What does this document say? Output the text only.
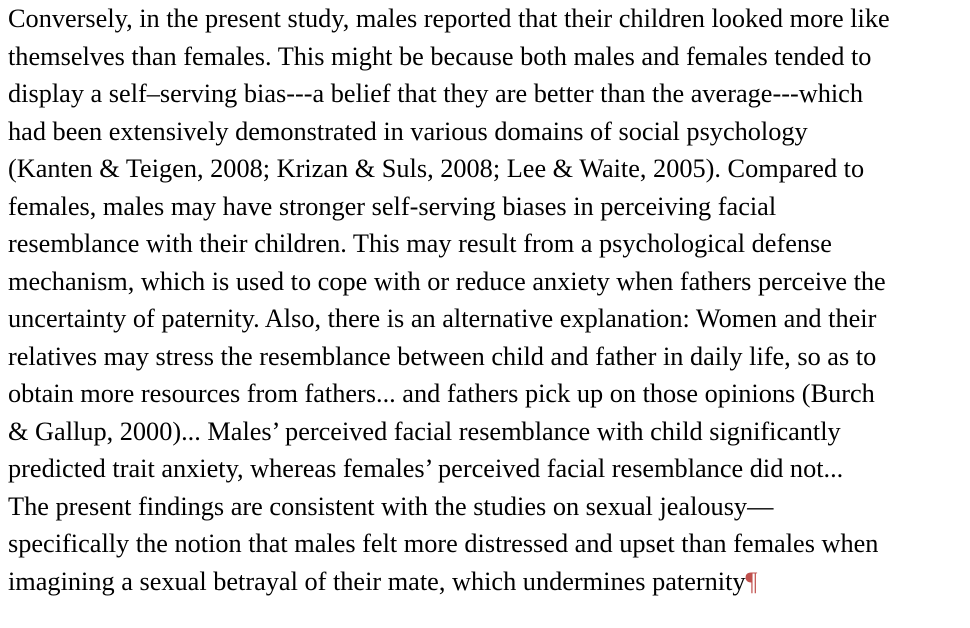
Conversely, in the present study, males reported that their children looked more like

themselves than females. This might be because both males and females tended to

display a self–serving bias---a belief that they are better than the average---which

had been extensively demonstrated in various domains of social psychology

(Kanten & Teigen, 2008; Krizan & Suls, 2008; Lee & Waite, 2005). Compared to

females, males may have stronger self-serving biases in perceiving facial

resemblance with their children. This may result from a psychological defense

mechanism, which is used to cope with or reduce anxiety when fathers perceive the

uncertainty of paternity. Also, there is an alternative explanation: Women and their

relatives may stress the resemblance between child and father in daily life, so as to

obtain more resources from fathers... and fathers pick up on those opinions (Burch

& Gallup, 2000)... Males’ perceived facial resemblance with child significantly

predicted trait anxiety, whereas females’ perceived facial resemblance did not...

The present findings are consistent with the studies on sexual jealousy—

specifically the notion that males felt more distressed and upset than females when

imagining a sexual betrayal of their mate, which undermines paternity¶
